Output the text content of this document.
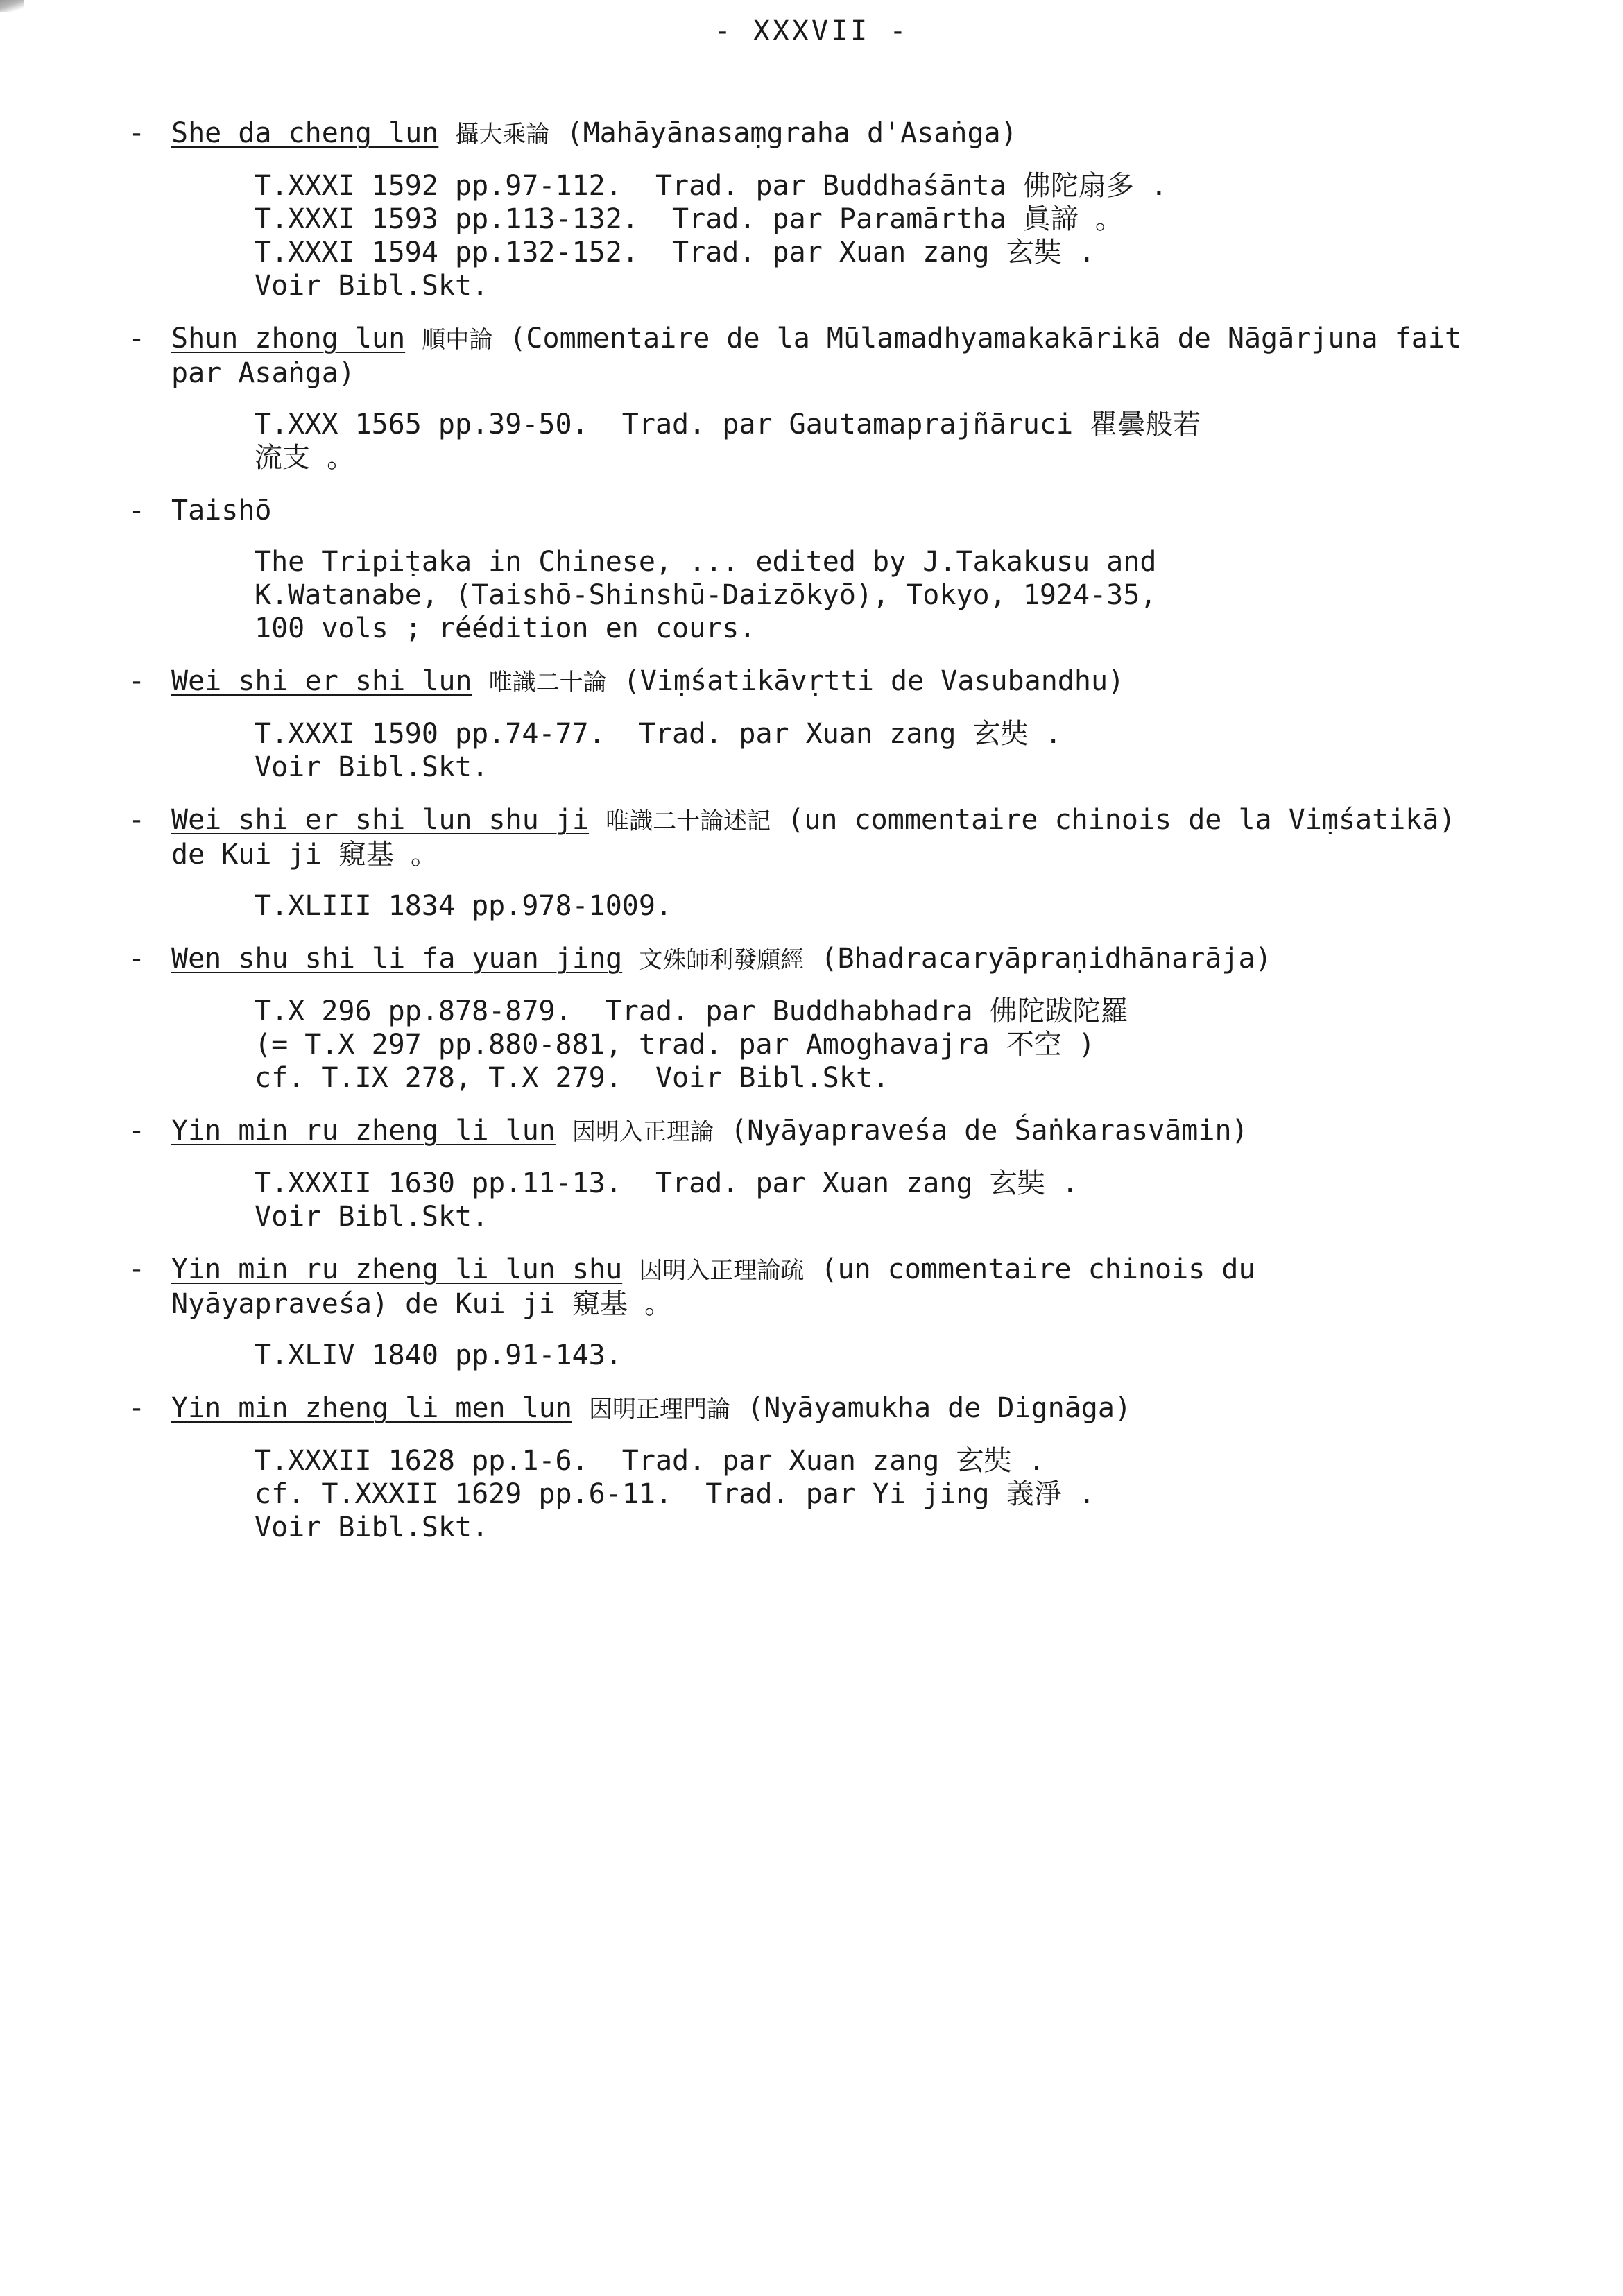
- XXXVII -
- She da cheng lun 攝大乘論 (Mahāyānasaṃgraha d'Asaṅga)
T.XXXI 1592 pp.97-112.  Trad. par Buddhaśānta 佛陀扇多 .
T.XXXI 1593 pp.113-132.  Trad. par Paramārtha 眞諦 。
T.XXXI 1594 pp.132-152.  Trad. par Xuan zang 玄奘 .
Voir Bibl.Skt.
- Shun zhong lun 順中論 (Commentaire de la Mūlamadhyamakakārikā de Nāgārjuna fait par Asaṅga)
T.XXX 1565 pp.39-50.  Trad. par Gautamaprajñāruci 瞿曇般若
流支 。
- Taishō
The Tripiṭaka in Chinese, ... edited by J.Takakusu and
K.Watanabe, (Taishō-Shinshū-Daizōkyō), Tokyo, 1924-35,
100 vols ; réédition en cours.
- Wei shi er shi lun 唯識二十論 (Viṃśatikāvṛtti de Vasubandhu)
T.XXXI 1590 pp.74-77.  Trad. par Xuan zang 玄奘 .
Voir Bibl.Skt.
- Wei shi er shi lun shu ji 唯識二十論述記 (un commentaire chinois de la Viṃśatikā) de Kui ji 窺基 。
T.XLIII 1834 pp.978-1009.
- Wen shu shi li fa yuan jing 文殊師利發願經 (Bhadracaryāpraṇidhānarāja)
T.X 296 pp.878-879.  Trad. par Buddhabhadra 佛陀跋陀羅
(= T.X 297 pp.880-881, trad. par Amoghavajra 不空 )
cf. T.IX 278, T.X 279.  Voir Bibl.Skt.
- Yin min ru zheng li lun 因明入正理論 (Nyāyapraveśa de Śaṅkarasvāmin)
T.XXXII 1630 pp.11-13.  Trad. par Xuan zang 玄奘 .
Voir Bibl.Skt.
- Yin min ru zheng li lun shu 因明入正理論疏 (un commentaire chinois du Nyāyapraveśa) de Kui ji 窺基 。
T.XLIV 1840 pp.91-143.
- Yin min zheng li men lun 因明正理門論 (Nyāyamukha de Dignāga)
T.XXXII 1628 pp.1-6.  Trad. par Xuan zang 玄奘 .
cf. T.XXXII 1629 pp.6-11.  Trad. par Yi jing 義淨 .
Voir Bibl.Skt.
